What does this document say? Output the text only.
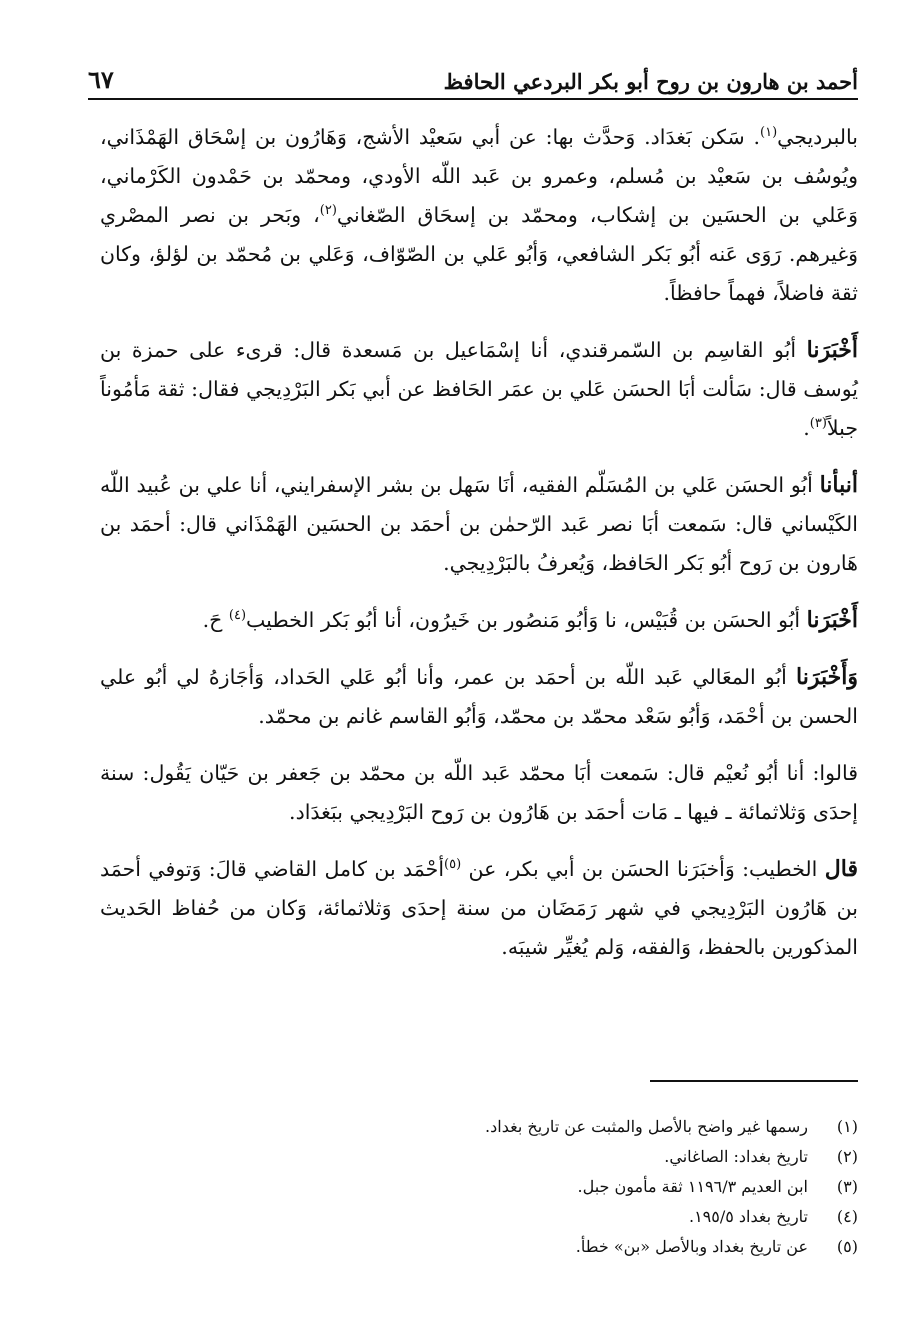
أحمد بن هارون بن روح أبو بكر البردعي الحافظ
٦٧

بالبرديجي$^{(١)}$. سَكن بَغدَاد. وَحدَّث بها: عن أبي سَعيْد الأشج، وَهَارُون بن إسْحَاق الهَمْذَاني، ويُوسُف بن سَعيْد بن مُسلم، وعمرو بن عَبد اللّه الأودي، ومحمّد بن حَمْدون الكَرْماني، وَعَلي بن الحسَين بن إشكاب، ومحمّد بن إسحَاق الصّغاني$^{(٢)}$، وبَحر بن نصر المصْري وَغيرهم. رَوَى عَنه أبُو بَكر الشافعي، وَأبُو عَلي بن الصّوّاف، وَعَلي بن مُحمّد بن لؤلؤ، وكان ثقة فاضلاً، فهماً حافظاً.

أَخْبَرَنا أبُو القاسِم بن السّمرقندي، أنا إسْمَاعيل بن مَسعدة قال: قرىء على حمزة بن يُوسف قال: سَألت أبَا الحسَن عَلي بن عمَر الحَافظ عن أبي بَكر البَرْدِيجي فقال: ثقة مَأمُوناً جبلاً$^{(٣)}$.

أنبأنا أبُو الحسَن عَلي بن المُسَلّم الفقيه، أنَا سَهل بن بشر الإسفرايني، أنا علي بن عُبيد اللّه الكَيْساني قال: سَمعت أبَا نصر عَبد الرّحمٰن بن أحمَد بن الحسَين الهَمْذَاني قال: أحمَد بن هَارون بن رَوح أبُو بَكر الحَافظ، وَيُعرفُ بالبَرْدِيجي.

أَخْبَرَنا أبُو الحسَن بن قُبَيْس، نا وَأبُو مَنصُور بن خَيرُون، أنا أبُو بَكر الخطيب$^{(٤)}$ حَ.

وَأَخْبَرَنا أبُو المعَالي عَبد اللّه بن أحمَد بن عمر، وأنا أبُو عَلي الحَداد، وَأجَازهُ لي أبُو علي الحسن بن أحْمَد، وَأبُو سَعْد محمّد بن محمّد، وَأبُو القاسم غانم بن محمّد.

قالوا: أنا أبُو نُعيْم قال: سَمعت أبَا محمّد عَبد اللّه بن محمّد بن جَعفر بن حَيّان يَقُول: سنة إحدَى وَثلاثمائة ـ فيها ـ مَات أحمَد بن هَارُون بن رَوح البَرْدِيجي ببَغدَاد.

قال الخطيب: وَأخبَرَنا الحسَن بن أبي بكر، عن $^{(٥)}$أحْمَد بن كامل القاضي قالَ: وَتوفي أحمَد بن هَارُون البَرْدِيجي في شهر رَمَضَان من سنة إحدَى وَثلاثمائة، وَكان من حُفاظ الحَديث المذكورين بالحفظ، وَالفقه، وَلم يُغيِّر شيبَه.

(١)
رسمها غير واضح بالأصل والمثبت عن تاريخ بغداد.
(٢)
تاريخ بغداد: الصاغاني.
(٣)
ابن العديم ١١٩٦/٣ ثقة مأمون جبل.
(٤)
تاريخ بغداد ١٩٥/٥.
(٥)
عن تاريخ بغداد وبالأصل «بن» خطأ.
